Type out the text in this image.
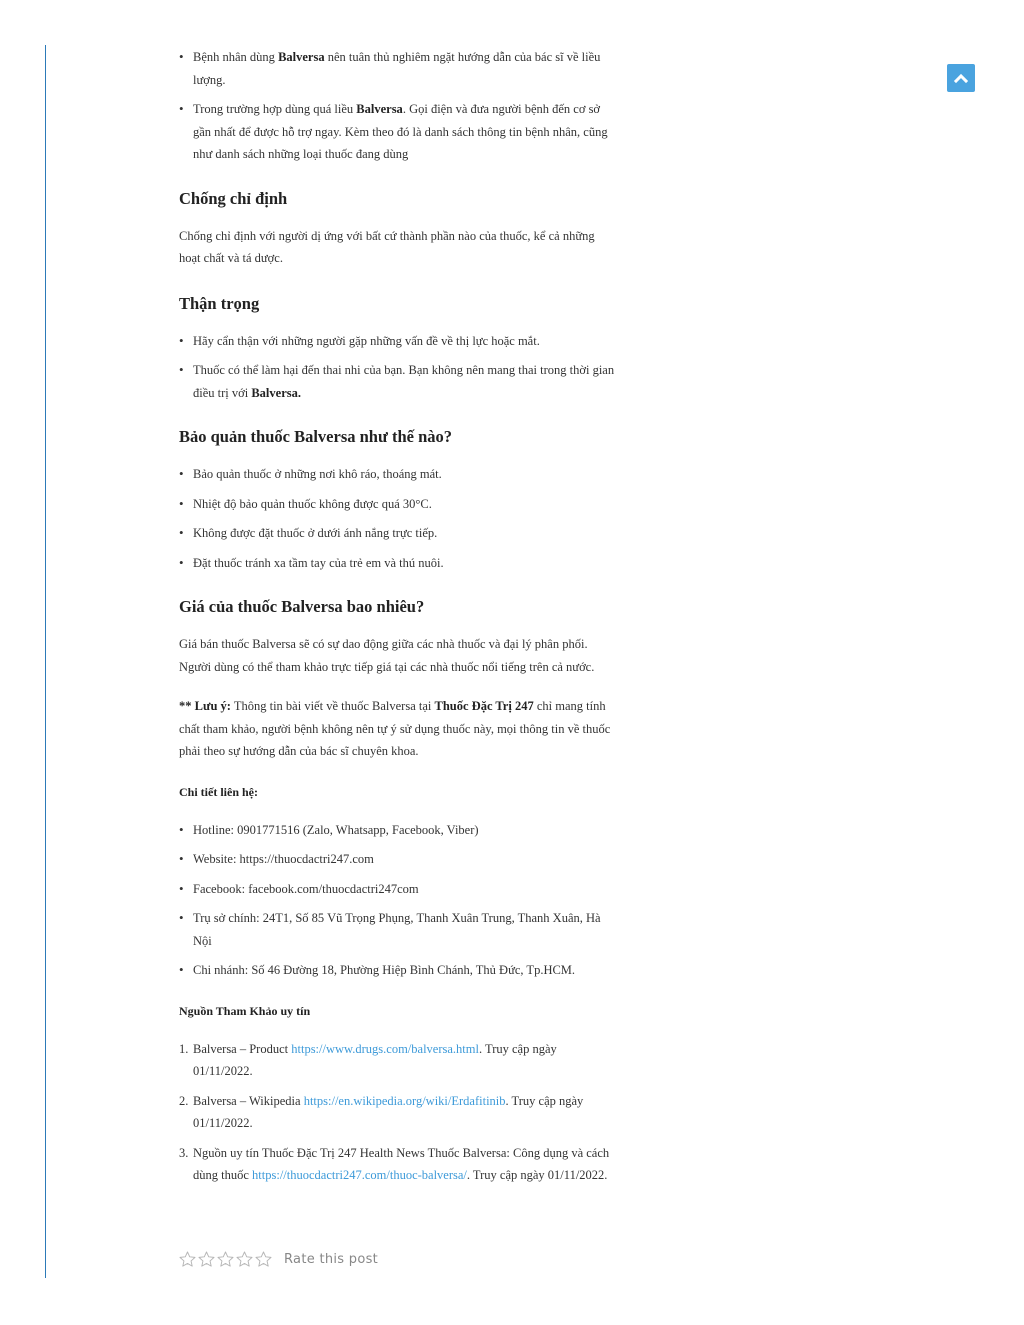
• Bệnh nhân dùng Balversa nên tuân thủ nghiêm ngặt hướng dẫn của bác sĩ về liều lượng.
• Trong trường hợp dùng quá liều Balversa. Gọi điện và đưa người bệnh đến cơ sở gần nhất để được hỗ trợ ngay. Kèm theo đó là danh sách thông tin bệnh nhân, cũng như danh sách những loại thuốc đang dùng
Chống chỉ định

Chống chỉ định với người dị ứng với bất cứ thành phần nào của thuốc, kể cả những hoạt chất và tá dược.

Thận trọng
• Hãy cẩn thận với những người gặp những vấn đề về thị lực hoặc mắt.
• Thuốc có thể làm hại đến thai nhi của bạn. Bạn không nên mang thai trong thời gian điều trị với Balversa.
Bảo quản thuốc Balversa như thế nào?
• Bảo quản thuốc ở những nơi khô ráo, thoáng mát.
• Nhiệt độ bảo quản thuốc không được quá 30°C.
• Không được đặt thuốc ở dưới ánh nắng trực tiếp.
• Đặt thuốc tránh xa tầm tay của trẻ em và thú nuôi.
Giá của thuốc Balversa bao nhiêu?

Giá bán thuốc Balversa sẽ có sự dao động giữa các nhà thuốc và đại lý phân phối. Người dùng có thể tham khảo trực tiếp giá tại các nhà thuốc nổi tiếng trên cả nước.

** Lưu ý: Thông tin bài viết về thuốc Balversa tại Thuốc Đặc Trị 247 chỉ mang tính chất tham khảo, người bệnh không nên tự ý sử dụng thuốc này, mọi thông tin về thuốc phải theo sự hướng dẫn của bác sĩ chuyên khoa.

Chi tiết liên hệ:
• Hotline: 0901771516 (Zalo, Whatsapp, Facebook, Viber)
• Website: https://thuocdactri247.com
• Facebook: facebook.com/thuocdactri247com
• Trụ sở chính: 24T1, Số 85 Vũ Trọng Phụng, Thanh Xuân Trung, Thanh Xuân, Hà Nội
• Chi nhánh: Số 46 Đường 18, Phường Hiệp Bình Chánh, Thủ Đức, Tp.HCM.
Nguồn Tham Khảo uy tín
1. Balversa – Product https://www.drugs.com/balversa.html. Truy cập ngày 01/11/2022.
2. Balversa – Wikipedia https://en.wikipedia.org/wiki/Erdafitinib. Truy cập ngày 01/11/2022.
3. Nguồn uy tín Thuốc Đặc Trị 247 Health News Thuốc Balversa: Công dụng và cách dùng thuốc https://thuocdactri247.com/thuoc-balversa/. Truy cập ngày 01/11/2022.
Rate this post
